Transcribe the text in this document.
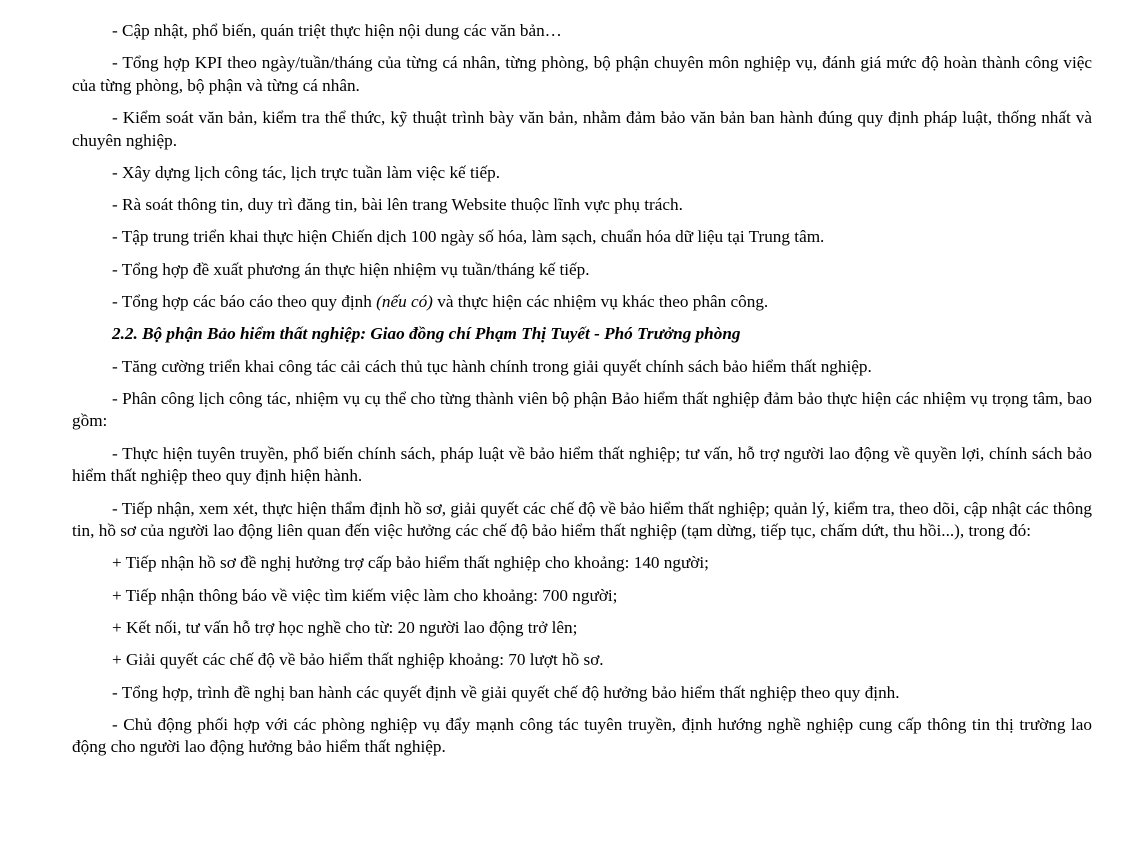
- Cập nhật, phổ biến, quán triệt thực hiện nội dung các văn bản…

- Tổng hợp KPI theo ngày/tuần/tháng của từng cá nhân, từng phòng, bộ phận chuyên môn nghiệp vụ, đánh giá mức độ hoàn thành công việc của từng phòng, bộ phận và từng cá nhân.

- Kiểm soát văn bản, kiểm tra thể thức, kỹ thuật trình bày văn bản, nhằm đảm bảo văn bản ban hành đúng quy định pháp luật, thống nhất và chuyên nghiệp.

- Xây dựng lịch công tác, lịch trực tuần làm việc kế tiếp.

- Rà soát thông tin, duy trì đăng tin, bài lên trang Website thuộc lĩnh vực phụ trách.

- Tập trung triển khai thực hiện Chiến dịch 100 ngày số hóa, làm sạch, chuẩn hóa dữ liệu tại Trung tâm.

- Tổng hợp đề xuất phương án thực hiện nhiệm vụ tuần/tháng kế tiếp.

- Tổng hợp các báo cáo theo quy định (nếu có) và thực hiện các nhiệm vụ khác theo phân công.

2.2. Bộ phận Bảo hiểm thất nghiệp: Giao đồng chí Phạm Thị Tuyết - Phó Trưởng phòng

- Tăng cường triển khai công tác cải cách thủ tục hành chính trong giải quyết chính sách bảo hiểm thất nghiệp.

- Phân công lịch công tác, nhiệm vụ cụ thể cho từng thành viên bộ phận Bảo hiểm thất nghiệp đảm bảo thực hiện các nhiệm vụ trọng tâm, bao gồm:

- Thực hiện tuyên truyền, phổ biến chính sách, pháp luật về bảo hiểm thất nghiệp; tư vấn, hỗ trợ người lao động về quyền lợi, chính sách bảo hiểm thất nghiệp theo quy định hiện hành.

- Tiếp nhận, xem xét, thực hiện thẩm định hồ sơ, giải quyết các chế độ về bảo hiểm thất nghiệp; quản lý, kiểm tra, theo dõi, cập nhật các thông tin, hồ sơ của người lao động liên quan đến việc hưởng các chế độ bảo hiểm thất nghiệp (tạm dừng, tiếp tục, chấm dứt, thu hồi...), trong đó:

+ Tiếp nhận hồ sơ đề nghị hưởng trợ cấp bảo hiểm thất nghiệp cho khoảng: 140 người;

+ Tiếp nhận thông báo về việc tìm kiếm việc làm cho khoảng: 700 người;

+ Kết nối, tư vấn hỗ trợ học nghề cho từ: 20 người lao động trở lên;

+ Giải quyết các chế độ về bảo hiểm thất nghiệp khoảng: 70 lượt hồ sơ.

- Tổng hợp, trình đề nghị ban hành các quyết định về giải quyết chế độ hưởng bảo hiểm thất nghiệp theo quy định.

- Chủ động phối hợp với các phòng nghiệp vụ đẩy mạnh công tác tuyên truyền, định hướng nghề nghiệp cung cấp thông tin thị trường lao động cho người lao động hưởng bảo hiểm thất nghiệp.
